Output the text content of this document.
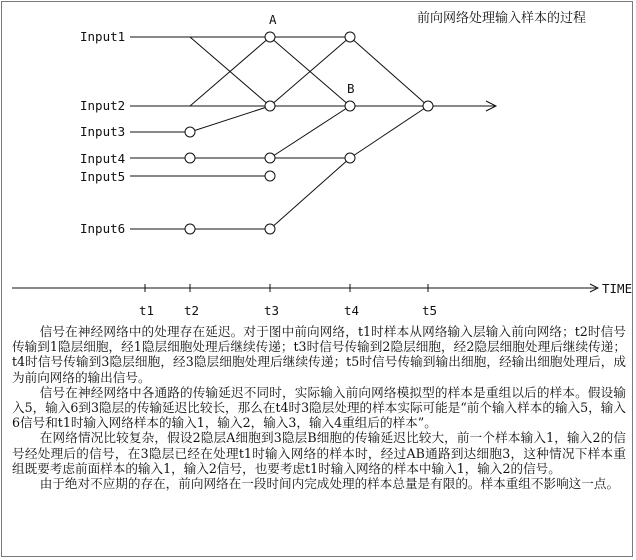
前向网络处理输入样本的过程
Input1
Input2
Input3
Input4
Input5
Input6
A
B
TIME
t1 t2	t3	t4	t5

信号在神经网络中的处理存在延迟。对于图中前向网络，t1时样本从网络输入层输入前向网络；t2时信号传输到1隐层细胞，经1隐层细胞处理后继续传递；t3时信号传输到2隐层细胞，经2隐层细胞处理后继续传递；t4时信号传输到3隐层细胞，经3隐层细胞处理后继续传递；t5时信号传输到输出细胞，经输出细胞处理后，成为前向网络的输出信号。

信号在神经网络中各通路的传输延迟不同时，实际输入前向网络模拟型的样本是重组以后的样本。假设输入5，输入6到3隐层的传输延迟比较长，那么在t4时3隐层处理的样本实际可能是“前个输入样本的输入5，输入6信号和t1时输入网络样本的输入1，输入2，输入3，输入4重组后的样本”。

在网络情况比较复杂，假设2隐层A细胞到3隐层B细胞的传输延迟比较大，前一个样本输入1，输入2的信号经处理后的信号，在3隐层已经在处理t1时输入网络的样本时，经过AB通路到达细胞3，这种情况下样本重组既要考虑前面样本的输入1，输入2信号，也要考虑t1时输入网络的样本中输入1，输入2的信号。

由于绝对不应期的存在，前向网络在一段时间内完成处理的样本总量是有限的。样本重组不影响这一点。
